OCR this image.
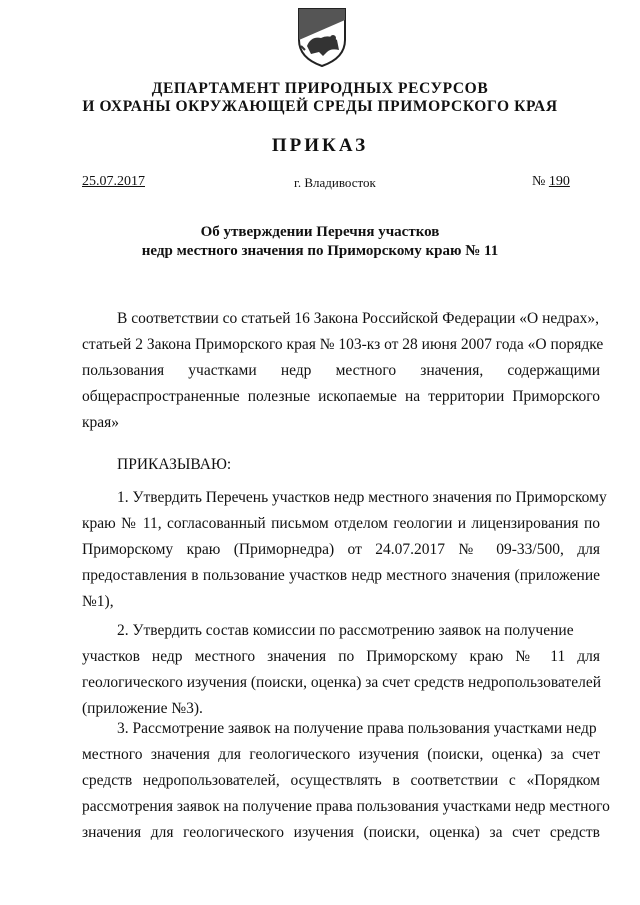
ДЕПАРТАМЕНТ ПРИРОДНЫХ РЕСУРСОВ
И ОХРАНЫ ОКРУЖАЮЩЕЙ СРЕДЫ ПРИМОРСКОГО КРАЯ
ПРИКАЗ
25.07.2017	г. Владивосток	№ 190
Об утверждении Перечня участков
недр местного значения по Приморскому краю № 11
В соответствии со статьей 16 Закона Российской Федерации «О недрах»,
статьей 2 Закона Приморского края № 103-кз от 28 июня 2007 года «О порядке
пользования участками недр местного значения, содержащими
общераспространенные полезные ископаемые на территории Приморского
края»
ПРИКАЗЫВАЮ:
1. Утвердить Перечень участков недр местного значения по Приморскому
краю № 11, согласованный письмом отделом геологии и лицензирования по
Приморскому краю (Приморнедра) от 24.07.2017 № 09-33/500, для
предоставления в пользование участков недр местного значения (приложение
№1),
2. Утвердить состав комиссии по рассмотрению заявок на получение
участков недр местного значения по Приморскому краю № 11 для
геологического изучения (поиски, оценка) за счет средств недропользователей
(приложение №3).
3. Рассмотрение заявок на получение права пользования участками недр
местного значения для геологического изучения (поиски, оценка) за счет
средств недропользователей, осуществлять в соответствии с «Порядком
рассмотрения заявок на получение права пользования участками недр местного
значения для геологического изучения (поиски, оценка) за счет средств
